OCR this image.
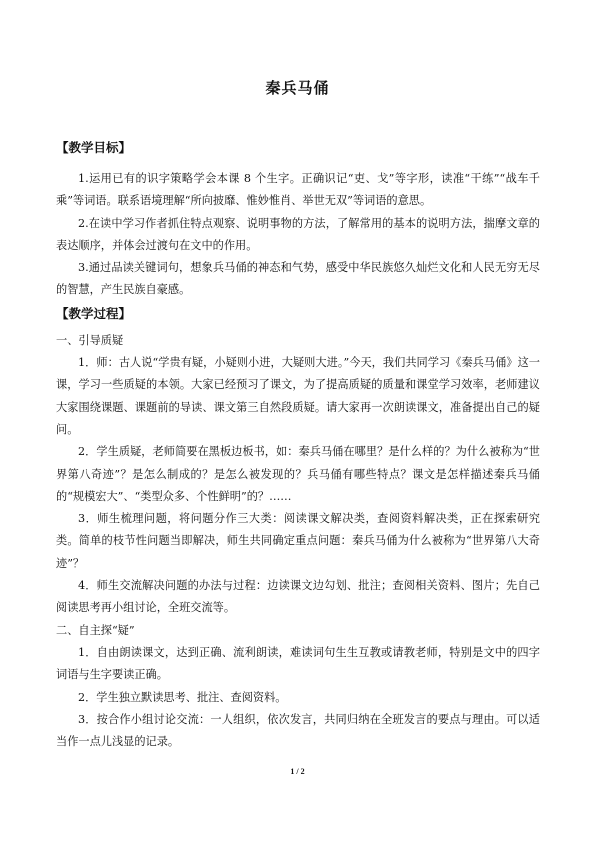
秦兵马俑
【教学目标】

1.运用已有的识字策略学会本课 8 个生字。正确识记“吏、戈”等字形，读准“干练”“战车千乘”等词语。联系语境理解“所向披靡、惟妙惟肖、举世无双”等词语的意思。

2.在读中学习作者抓住特点观察、说明事物的方法，了解常用的基本的说明方法，揣摩文章的表达顺序，并体会过渡句在文中的作用。

3.通过品读关键词句，想象兵马俑的神态和气势，感受中华民族悠久灿烂文化和人民无穷无尽的智慧，产生民族自豪感。

【教学过程】

一、引导质疑

1．师：古人说“学贵有疑，小疑则小进，大疑则大进。”今天，我们共同学习《秦兵马俑》这一课，学习一些质疑的本领。大家已经预习了课文，为了提高质疑的质量和课堂学习效率，老师建议大家围绕课题、课题前的导读、课文第三自然段质疑。请大家再一次朗读课文，准备提出自己的疑问。

2．学生质疑，老师简要在黑板边板书，如：秦兵马俑在哪里？是什么样的？为什么被称为“世界第八奇迹”？是怎么制成的？是怎么被发现的？兵马俑有哪些特点？课文是怎样描述秦兵马俑的“规模宏大”、“类型众多、个性鲜明”的？……

3．师生梳理问题，将问题分作三大类：阅读课文解决类，查阅资料解决类，正在探索研究类。简单的枝节性问题当即解决，师生共同确定重点问题：秦兵马俑为什么被称为“世界第八大奇迹”？

4．师生交流解决问题的办法与过程：边读课文边勾划、批注；查阅相关资料、图片；先自己阅读思考再小组讨论，全班交流等。

二、自主探“疑”

1．自由朗读课文，达到正确、流利朗读，难读词句生生互教或请教老师，特别是文中的四字词语与生字要读正确。

2．学生独立默读思考、批注、查阅资料。

3．按合作小组讨论交流：一人组织，依次发言，共同归纳在全班发言的要点与理由。可以适当作一点儿浅显的记录。

1 / 2
